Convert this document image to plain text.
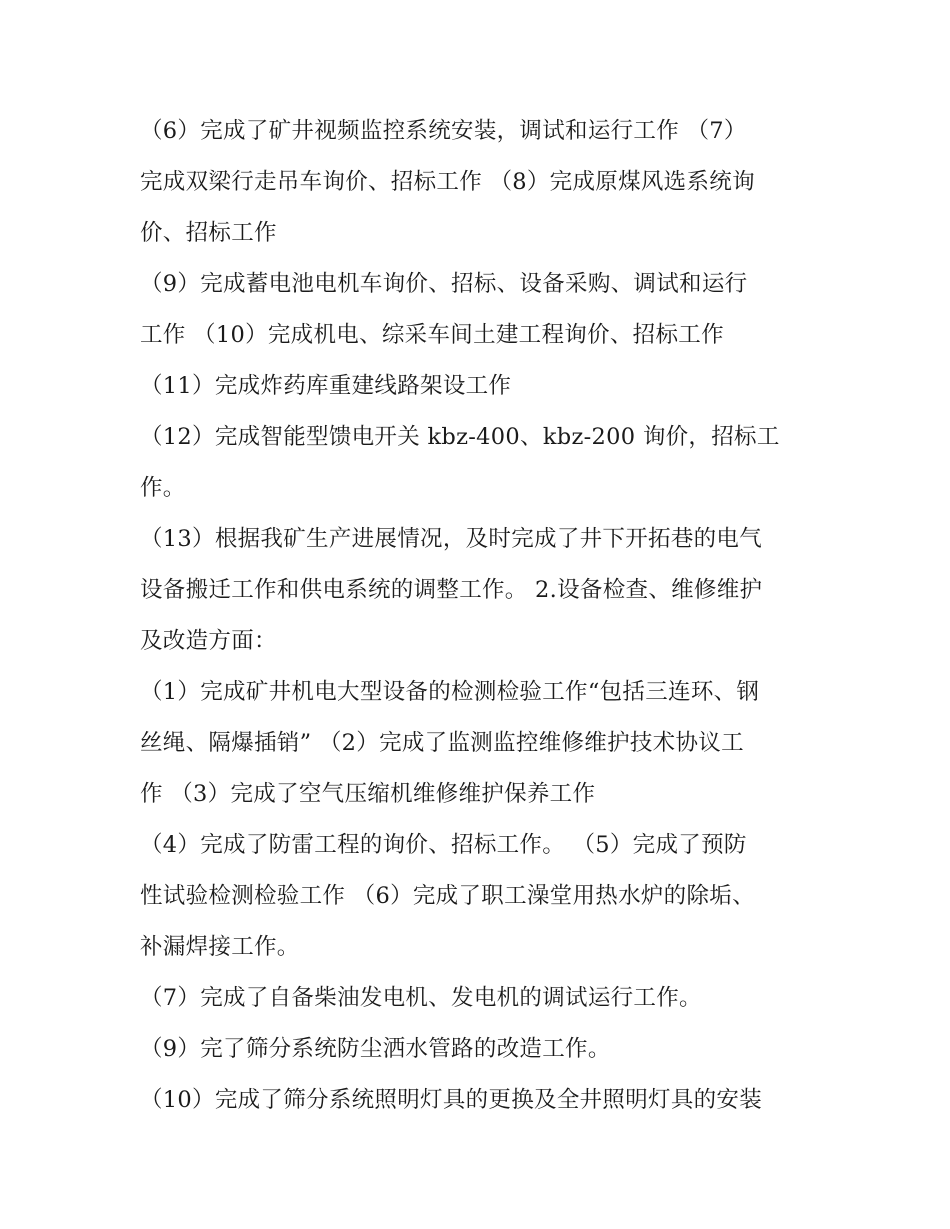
（6）完成了矿井视频监控系统安装，调试和运行工作 （7）
完成双梁行走吊车询价、招标工作 （8）完成原煤风选系统询
价、招标工作
（9）完成蓄电池电机车询价、招标、设备采购、调试和运行
工作 （10）完成机电、综采车间土建工程询价、招标工作
（11）完成炸药库重建线路架设工作
（12）完成智能型馈电开关 kbz-400、kbz-200 询价，招标工
作。
（13）根据我矿生产进展情况，及时完成了井下开拓巷的电气
设备搬迁工作和供电系统的调整工作。 2.设备检查、维修维护
及改造方面：
（1）完成矿井机电大型设备的检测检验工作“包括三连环、钢
丝绳、隔爆插销” （2）完成了监测监控维修维护技术协议工
作 （3）完成了空气压缩机维修维护保养工作
（4）完成了防雷工程的询价、招标工作。 （5）完成了预防
性试验检测检验工作 （6）完成了职工澡堂用热水炉的除垢、
补漏焊接工作。
（7）完成了自备柴油发电机、发电机的调试运行工作。
（9）完了筛分系统防尘洒水管路的改造工作。
（10）完成了筛分系统照明灯具的更换及全井照明灯具的安装
